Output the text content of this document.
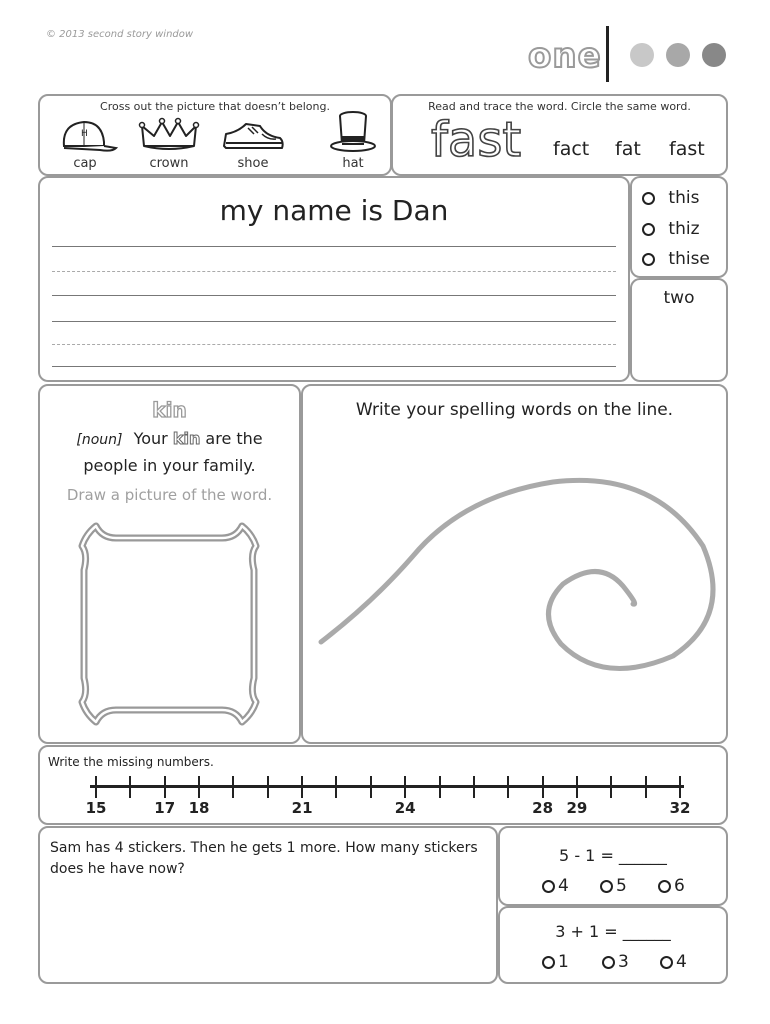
© 2013 second story window
one
Cross out the picture that doesn’t belong.
H
cap	crown	shoe	hat
Read and trace the word. Circle the same word.
fast fact fat fast
my name is Dan	this
thiz
thise
two
kin
[noun] Your kin are the
people in your family.
Draw a picture of the word.
Write your spelling words on the line.
Write the missing numbers.
15	17 18	21	24	28 29	32
Sam has 4 stickers. Then he gets 1 more. How many stickers
does he have now?
5 - 1 = ______
4	5	6
3 + 1 = ______
1	3	4
